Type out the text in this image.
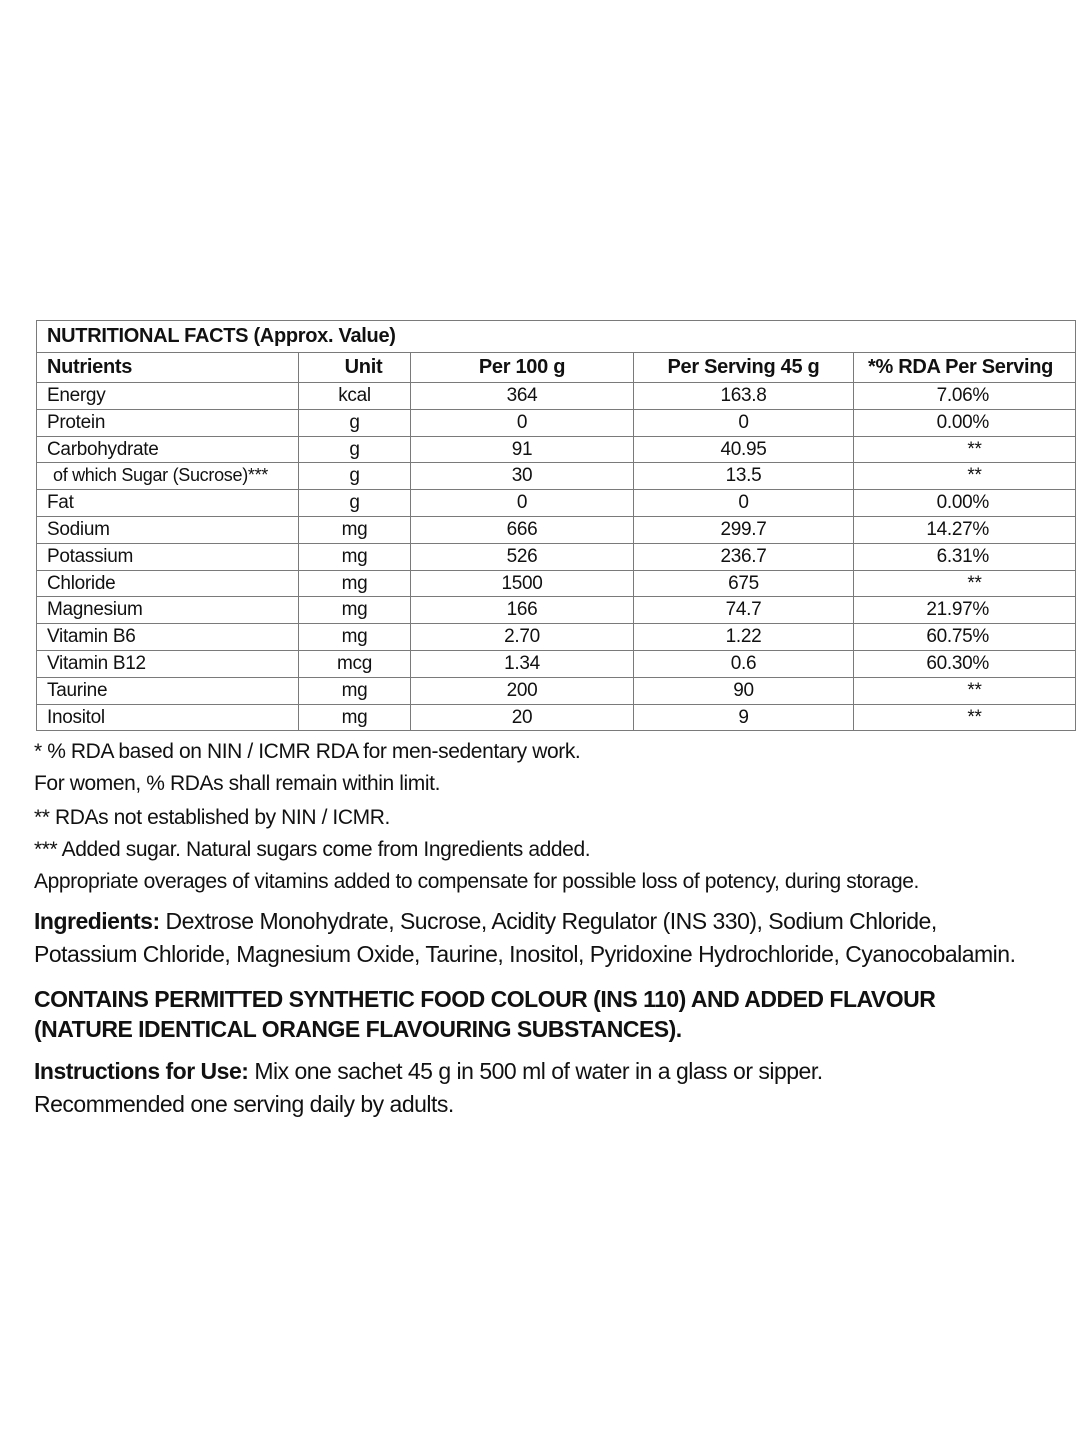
NUTRITIONAL FACTS (Approx. Value)				
Nutrients	Unit	Per 100 g	Per Serving 45 g	*% RDA Per Serving
Energy	kcal	364	163.8	7.06%
Protein	g	0	0	0.00%
Carbohydrate	g	91	40.95	**
of which Sugar (Sucrose)***	g	30	13.5	**
Fat	g	0	0	0.00%
Sodium	mg	666	299.7	14.27%
Potassium	mg	526	236.7	6.31%
Chloride	mg	1500	675	**
Magnesium	mg	166	74.7	21.97%
Vitamin B6	mg	2.70	1.22	60.75%
Vitamin B12	mcg	1.34	0.6	60.30%
Taurine	mg	200	90	**
Inositol	mg	20	9	**

* % RDA based on NIN / ICMR RDA for men-sedentary work.

For women, % RDAs shall remain within limit.

** RDAs not established by NIN / ICMR.

*** Added sugar. Natural sugars come from Ingredients added.

Appropriate overages of vitamins added to compensate for possible loss of potency, during storage.

Ingredients: Dextrose Monohydrate, Sucrose, Acidity Regulator (INS 330), Sodium Chloride,
Potassium Chloride, Magnesium Oxide, Taurine, Inositol, Pyridoxine Hydrochloride, Cyanocobalamin.

CONTAINS PERMITTED SYNTHETIC FOOD COLOUR (INS 110) AND ADDED FLAVOUR
(NATURE IDENTICAL ORANGE FLAVOURING SUBSTANCES).

Instructions for Use: Mix one sachet 45 g in 500 ml of water in a glass or sipper.
Recommended one serving daily by adults.
